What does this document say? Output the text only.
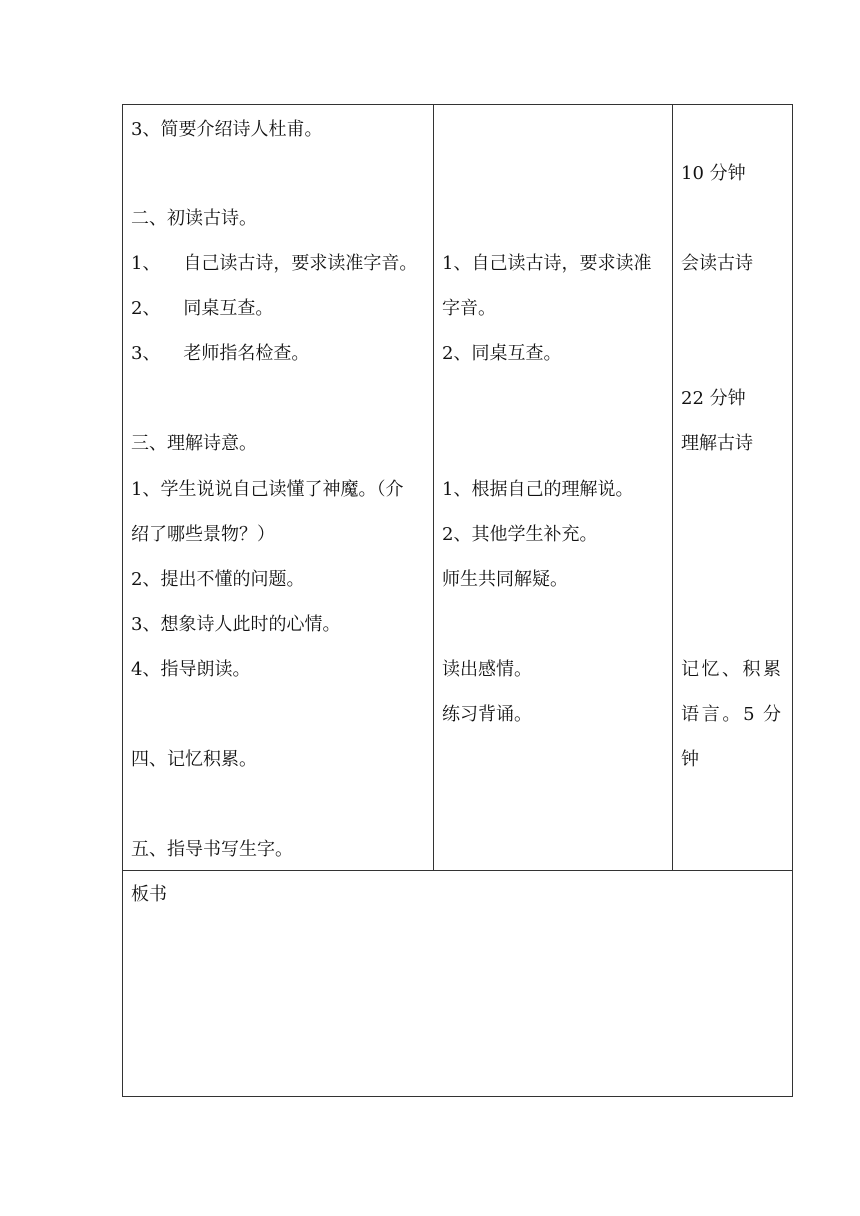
3、简要介绍诗人杜甫。
二、初读古诗。
1、    自己读古诗，要求读准字音。
2、    同桌互查。
3、    老师指名检查。
三、理解诗意。
1、学生说说自己读懂了神魔。（介
绍了哪些景物？）
2、提出不懂的问题。
3、想象诗人此时的心情。
4、指导朗读。
四、记忆积累。
五、指导书写生字。
1、自己读古诗，要求读准
字音。
2、同桌互查。
1、根据自己的理解说。
2、其他学生补充。
师生共同解疑。
读出感情。
练习背诵。
10 分钟
会读古诗
22 分钟
理解古诗
记忆、积累
语言。5 分
钟
板书
